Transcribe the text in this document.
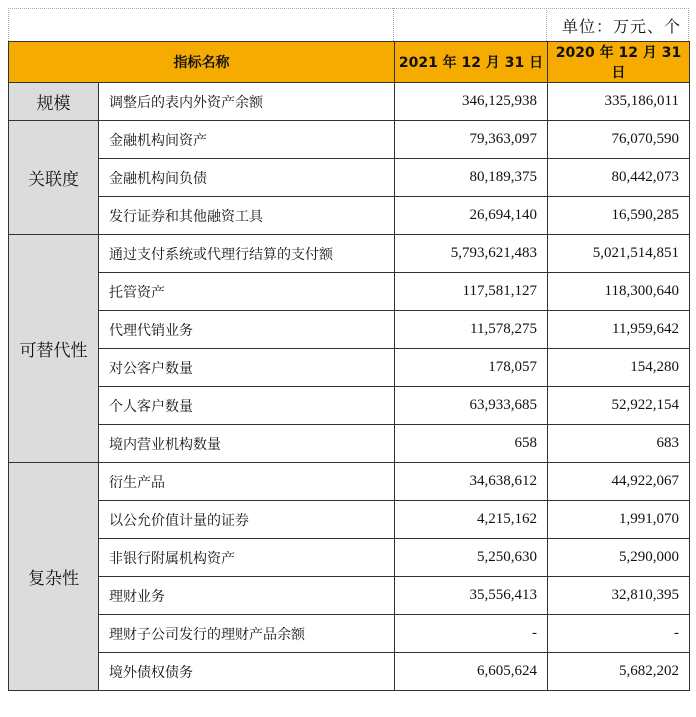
单位：万元、个
指标名称		2021 年 12 月 31 日	2020 年 12 月 31 日
规模	调整后的表内外资产余额	346,125,938	335,186,011
关联度	金融机构间资产	79,363,097	76,070,590
	金融机构间负债	80,189,375	80,442,073
	发行证券和其他融资工具	26,694,140	16,590,285
可替代性	通过支付系统或代理行结算的支付额	5,793,621,483	5,021,514,851
	托管资产	117,581,127	118,300,640
	代理代销业务	11,578,275	11,959,642
	对公客户数量	178,057	154,280
	个人客户数量	63,933,685	52,922,154
	境内营业机构数量	658	683
复杂性	衍生产品	34,638,612	44,922,067
	以公允价值计量的证券	4,215,162	1,991,070
	非银行附属机构资产	5,250,630	5,290,000
	理财业务	35,556,413	32,810,395
	理财子公司发行的理财产品余额	-	-
	境外债权债务	6,605,624	5,682,202
